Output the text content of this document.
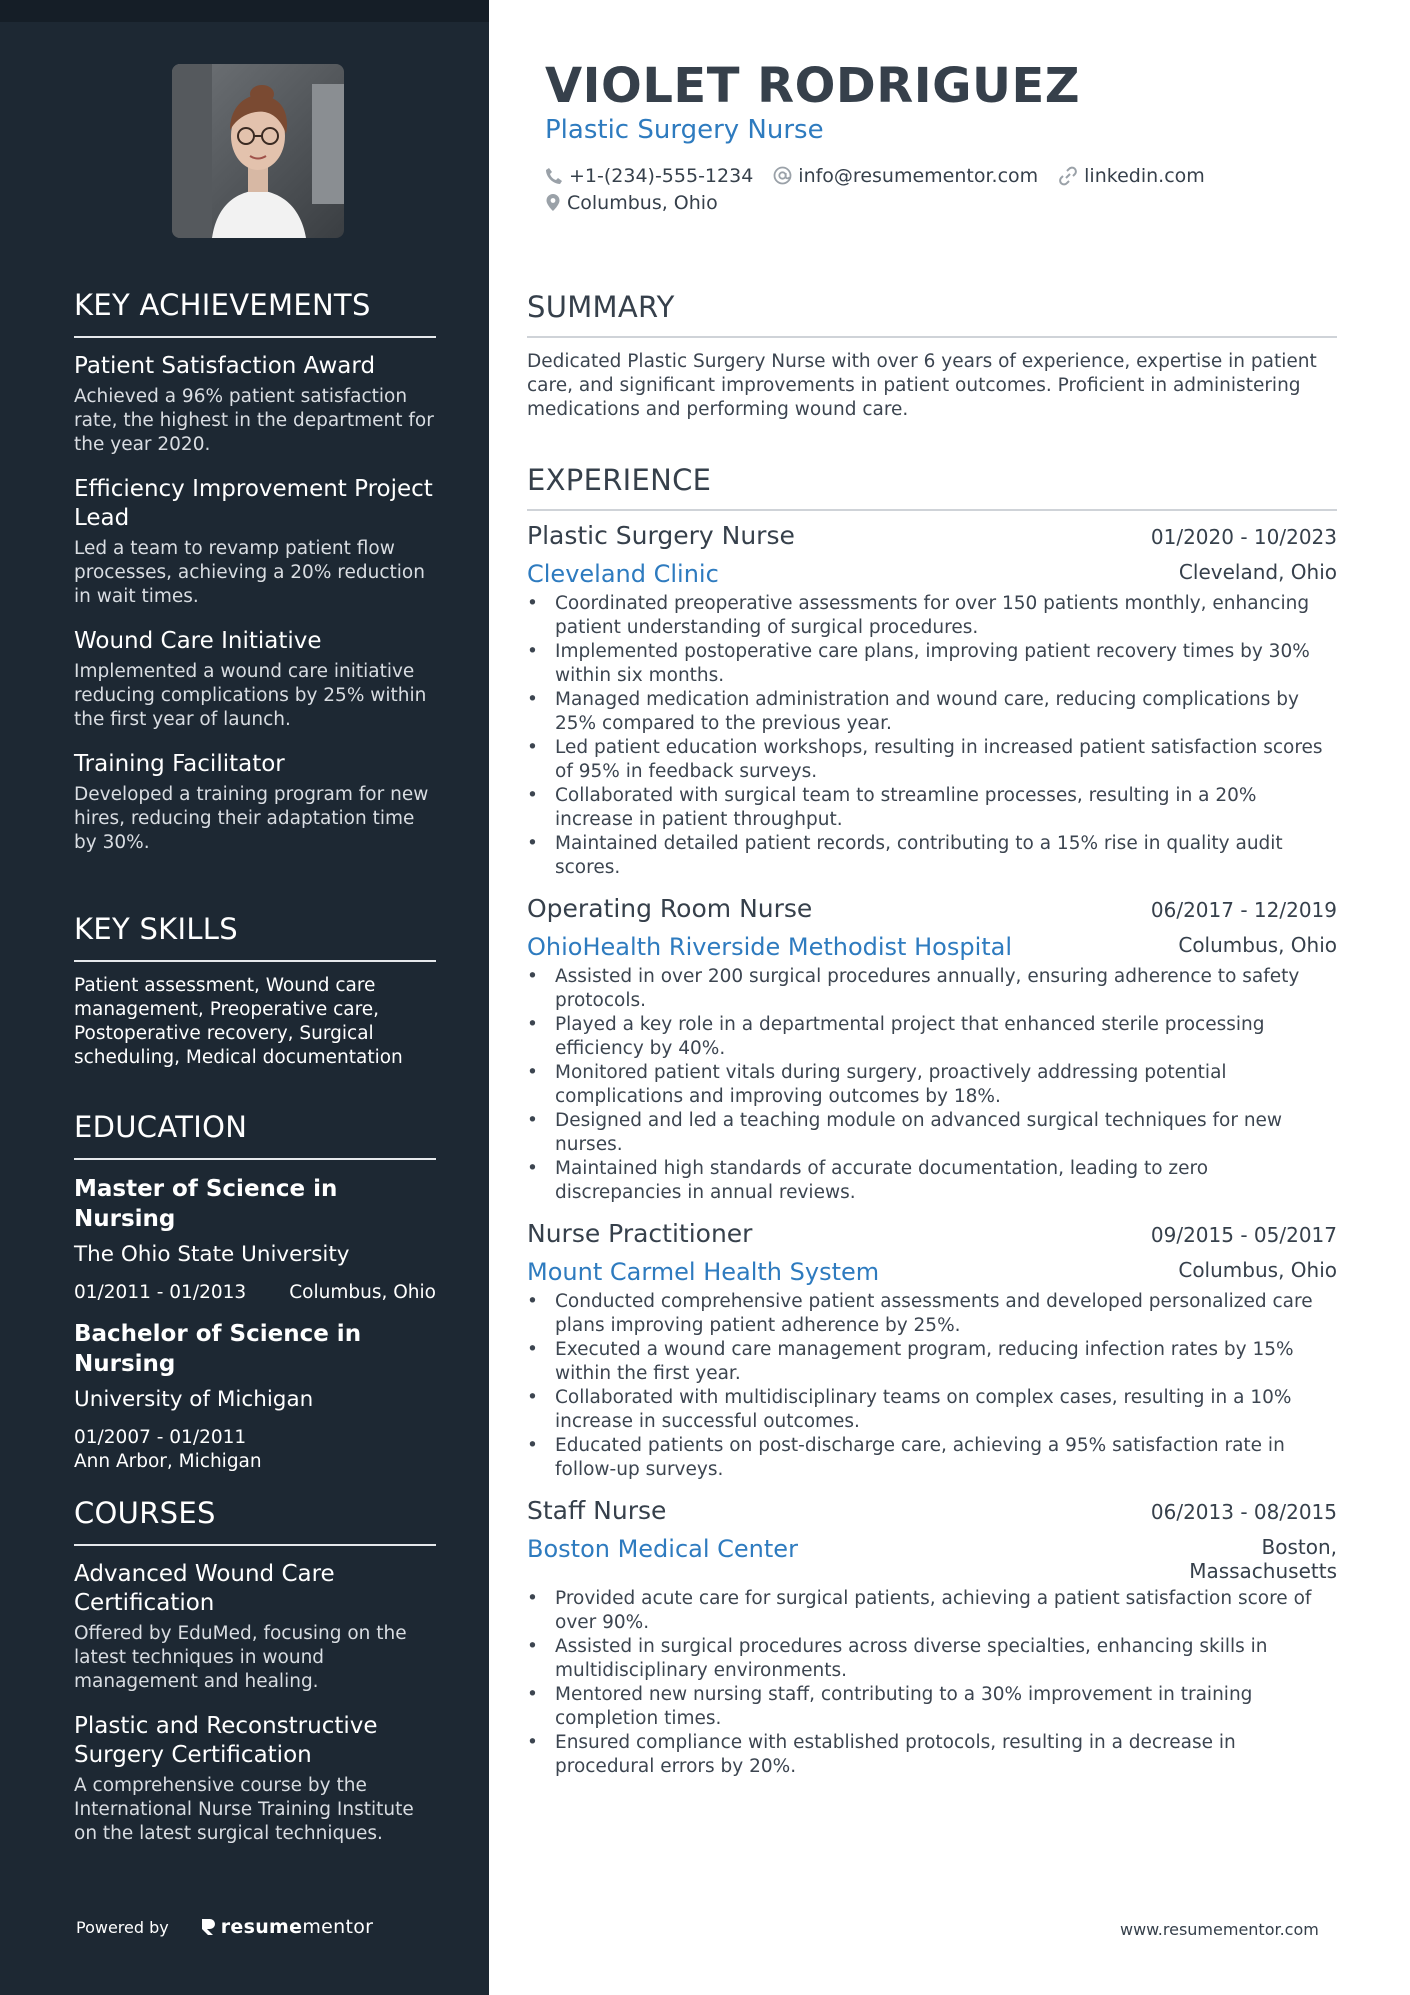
KEY ACHIEVEMENTS
Patient Satisfaction Award
Achieved a 96% patient satisfaction rate, the highest in the department for the year 2020.
Efficiency Improvement Project Lead
Led a team to revamp patient flow processes, achieving a 20% reduction in wait times.
Wound Care Initiative
Implemented a wound care initiative reducing complications by 25% within the first year of launch.
Training Facilitator
Developed a training program for new hires, reducing their adaptation time by 30%.
KEY SKILLS
Patient assessment, Wound care management, Preoperative care, Postoperative recovery, Surgical scheduling, Medical documentation
EDUCATION
Master of Science in Nursing
The Ohio State University
01/2011 - 01/2013 Columbus, Ohio
Bachelor of Science in Nursing
University of Michigan
01/2007 - 01/2011
Ann Arbor, Michigan
COURSES
Advanced Wound Care Certification
Offered by EduMed, focusing on the latest techniques in wound management and healing.
Plastic and Reconstructive Surgery Certification
A comprehensive course by the International Nurse Training Institute on the latest surgical techniques.
Powered by	resume mentor
VIOLET RODRIGUEZ
Plastic Surgery Nurse
+1-(234)-555-1234 info@resumementor.com linkedin.com
Columbus, Ohio
SUMMARY
Dedicated Plastic Surgery Nurse with over 6 years of experience, expertise in patient care, and significant improvements in patient outcomes. Proficient in administering medications and performing wound care.
EXPERIENCE
Plastic Surgery Nurse	01/2020 - 10/2023
Cleveland Clinic	Cleveland, Ohio
• Coordinated preoperative assessments for over 150 patients monthly, enhancing patient understanding of surgical procedures.
• Implemented postoperative care plans, improving patient recovery times by 30% within six months.
• Managed medication administration and wound care, reducing complications by 25% compared to the previous year.
• Led patient education workshops, resulting in increased patient satisfaction scores of 95% in feedback surveys.
• Collaborated with surgical team to streamline processes, resulting in a 20% increase in patient throughput.
• Maintained detailed patient records, contributing to a 15% rise in quality audit scores.
Operating Room Nurse	06/2017 - 12/2019
OhioHealth Riverside Methodist Hospital	Columbus, Ohio
• Assisted in over 200 surgical procedures annually, ensuring adherence to safety protocols.
• Played a key role in a departmental project that enhanced sterile processing efficiency by 40%.
• Monitored patient vitals during surgery, proactively addressing potential complications and improving outcomes by 18%.
• Designed and led a teaching module on advanced surgical techniques for new nurses.
• Maintained high standards of accurate documentation, leading to zero discrepancies in annual reviews.
Nurse Practitioner	09/2015 - 05/2017
Mount Carmel Health System	Columbus, Ohio
• Conducted comprehensive patient assessments and developed personalized care plans improving patient adherence by 25%.
• Executed a wound care management program, reducing infection rates by 15% within the first year.
• Collaborated with multidisciplinary teams on complex cases, resulting in a 10% increase in successful outcomes.
• Educated patients on post-discharge care, achieving a 95% satisfaction rate in follow-up surveys.
Staff Nurse	06/2013 - 08/2015
Boston Medical Center	Boston, Massachusetts
• Provided acute care for surgical patients, achieving a patient satisfaction score of over 90%.
• Assisted in surgical procedures across diverse specialties, enhancing skills in multidisciplinary environments.
• Mentored new nursing staff, contributing to a 30% improvement in training completion times.
• Ensured compliance with established protocols, resulting in a decrease in procedural errors by 20%.
www.resumementor.com
